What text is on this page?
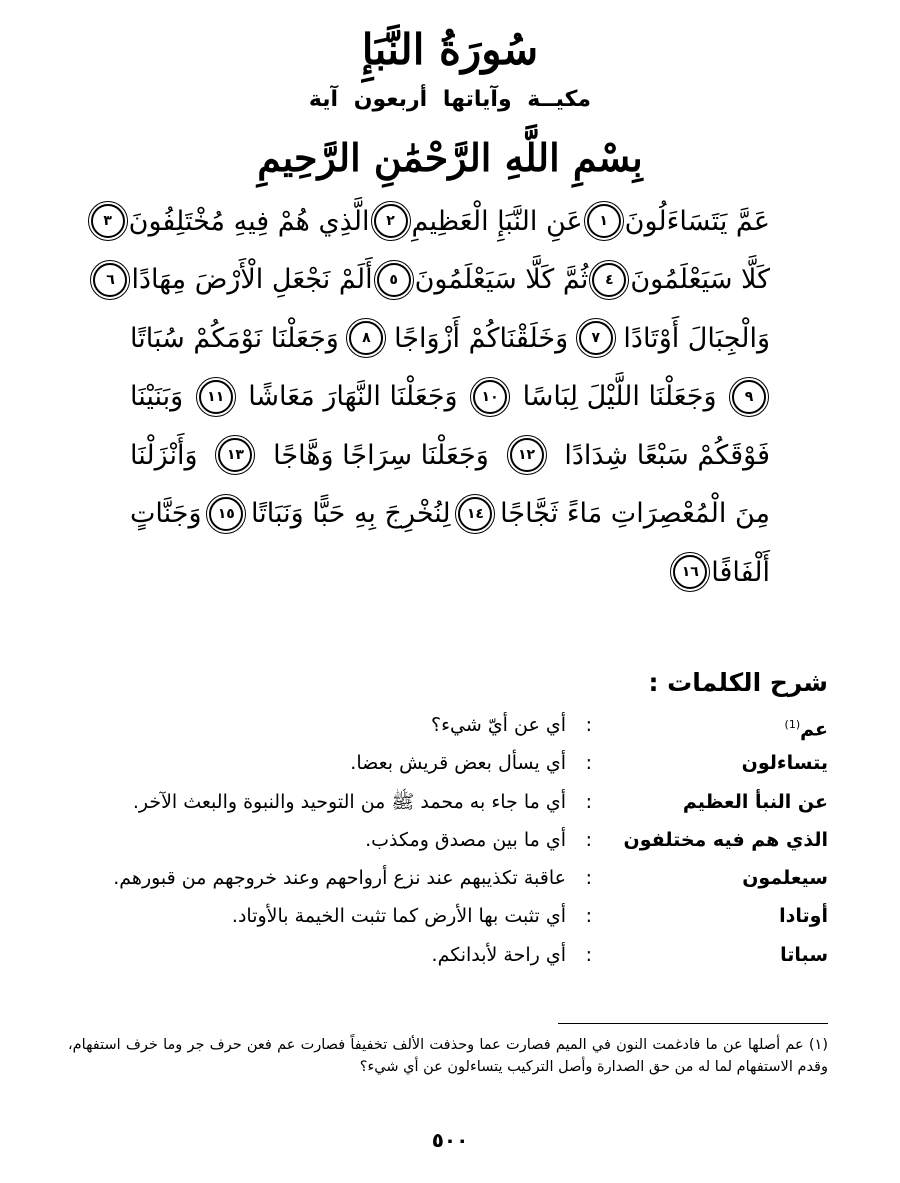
سُورَةُ النَّبَإِ
مكيــة وآياتها أربعون آية
بِسْمِ اللَّهِ الرَّحْمَٰنِ الرَّحِيمِ
عَمَّ يَتَسَاءَلُونَ
١
عَنِ النَّبَإِ الْعَظِيمِ
٢
الَّذِي هُمْ فِيهِ مُخْتَلِفُونَ
٣
كَلَّا سَيَعْلَمُونَ
٤
ثُمَّ كَلَّا سَيَعْلَمُونَ
٥
أَلَمْ نَجْعَلِ الْأَرْضَ مِهَادًا
٦
وَالْجِبَالَ أَوْتَادًا
٧
وَخَلَقْنَاكُمْ أَزْوَاجًا
٨
وَجَعَلْنَا نَوْمَكُمْ سُبَاتًا
٩
وَجَعَلْنَا اللَّيْلَ لِبَاسًا
١٠
وَجَعَلْنَا النَّهَارَ مَعَاشًا
١١
وَبَنَيْنَا
فَوْقَكُمْ سَبْعًا شِدَادًا
١٢
وَجَعَلْنَا سِرَاجًا وَهَّاجًا
١٣
وَأَنْزَلْنَا
مِنَ الْمُعْصِرَاتِ مَاءً ثَجَّاجًا
١٤
لِنُخْرِجَ بِهِ حَبًّا وَنَبَاتًا
١٥
وَجَنَّاتٍ
أَلْفَافًا
١٦
شرح الكلمات :
عم$^{(1)}$
:
أي عن أيّ شيء؟
يتساءلون
:
أي يسأل بعض قريش بعضا.
عن النبأ العظيم
:
أي ما جاء به محمد ﷺ من التوحيد والنبوة والبعث الآخر.
الذي هم فيه مختلفون
:
أي ما بين مصدق ومكذب.
سيعلمون
:
عاقبة تكذيبهم عند نزع أرواحهم وعند خروجهم من قبورهم.
أوتادا
:
أي تثبت بها الأرض كما تثبت الخيمة بالأوتاد.
سباتا
:
أي راحة لأبدانكم.
(١) عم أصلها عن ما فادغمت النون في الميم فصارت عما وحذفت الألف تخفيفاً فصارت عم فعن حرف جر وما خرف استفهام، وقدم الاستفهام لما له من حق الصدارة وأصل التركيب يتساءلون عن أي شيء؟
٥٠٠
